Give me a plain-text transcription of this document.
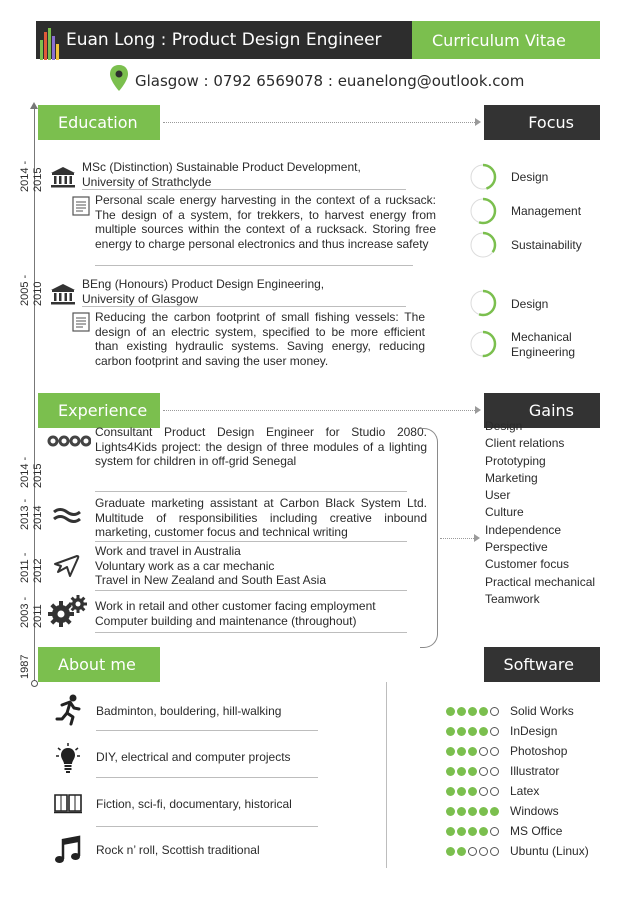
Euan Long : Product Design Engineer	Curriculum Vitae
Glasgow : 0792 6569078 : euanelong@outlook.com
Education	Focus
2014 - 2015
MSc (Distinction) Sustainable Product Development,
University of Strathclyde
Personal scale energy harvesting in the context of a rucksack: The design of a system, for trekkers, to harvest energy from multiple sources within the context of a rucksack. Storing free energy to charge personal electronics and thus increase safety
2005 - 2010	BEng (Honours) Product Design Engineering,
University of Glasgow
Reducing the carbon footprint of small fishing vessels: The design of an electric system, specified to be more efficient than existing hydraulic systems. Saving energy, reducing carbon footprint and saving the user money.
Design
Management
Sustainability
Design
Mechanical Engineering
Experience	Gains
2014 - 2015
Consultant Product Design Engineer for Studio 2080. Lights4Kids project: the design of three modules of a lighting system for children in off-grid Senegal
2013 - 2014
Graduate marketing assistant at Carbon Black System Ltd. Multitude of responsibilities including creative inbound marketing, customer focus and technical writing
2011 - 2012
Work and travel in Australia
Voluntary work as a car mechanic
Travel in New Zealand and South East Asia
2003 - 2011	Work in retail and other customer facing employment
Computer building and maintenance (throughout)
1987
Design
Client relations
Prototyping
Marketing
User
Culture
Independence
Perspective
Customer focus
Practical mechanical
Teamwork
About me	Software
Badminton, bouldering, hill-walking
DIY, electrical and computer projects
Fiction, sci-fi, documentary, historical
Rock n’ roll, Scottish traditional
Solid Works
InDesign
Photoshop
Illustrator
Latex
Windows
MS Office
Ubuntu (Linux)
